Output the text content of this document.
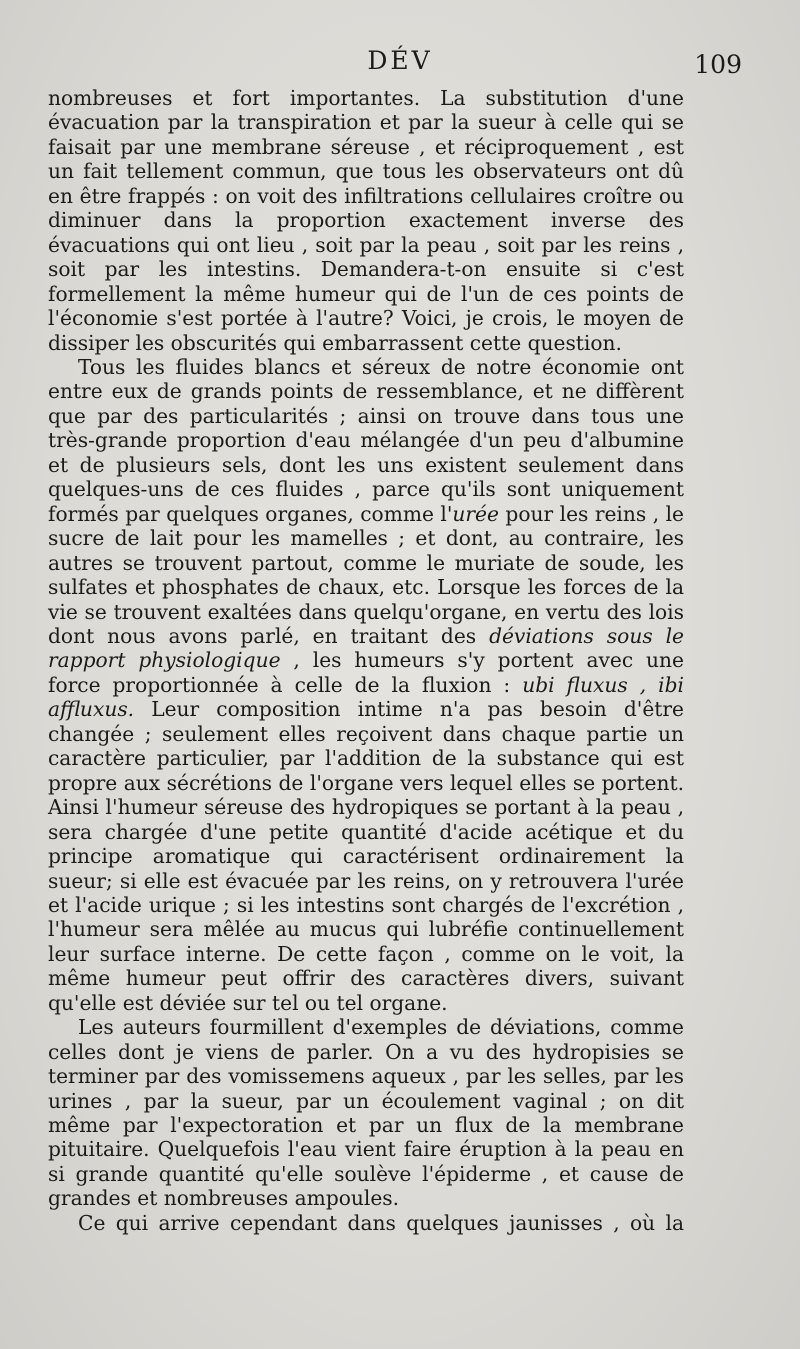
DÉV	109

nombreuses et fort importantes. La substitution d'une évacuation par la transpiration et par la sueur à celle qui se faisait par une membrane séreuse , et réciproquement , est un fait tellement commun, que tous les observateurs ont dû en être frappés : on voit des infiltrations cellulaires croître ou diminuer dans la proportion exactement inverse des évacuations qui ont lieu , soit par la peau , soit par les reins , soit par les intestins. Demandera-t-on ensuite si c'est formellement la même humeur qui de l'un de ces points de l'économie s'est portée à l'autre? Voici, je crois, le moyen de dissiper les obscurités qui embarrassent cette question.

Tous les fluides blancs et séreux de notre économie ont entre eux de grands points de ressemblance, et ne diffèrent que par des particularités ; ainsi on trouve dans tous une très-grande proportion d'eau mélangée d'un peu d'albumine et de plusieurs sels, dont les uns existent seulement dans quelques-uns de ces fluides , parce qu'ils sont uniquement formés par quelques organes, comme l'urée pour les reins , le sucre de lait pour les mamelles ; et dont, au contraire, les autres se trouvent partout, comme le muriate de soude, les sulfates et phosphates de chaux, etc. Lorsque les forces de la vie se trouvent exaltées dans quelqu'organe, en vertu des lois dont nous avons parlé, en traitant des déviations sous le rapport physiologique , les humeurs s'y portent avec une force proportionnée à celle de la fluxion : ubi fluxus , ibi affluxus. Leur composition intime n'a pas besoin d'être changée ; seulement elles reçoivent dans chaque partie un caractère particulier, par l'addition de la substance qui est propre aux sécrétions de l'organe vers lequel elles se portent. Ainsi l'humeur séreuse des hydropiques se portant à la peau , sera chargée d'une petite quantité d'acide acétique et du principe aromatique qui caractérisent ordinairement la sueur; si elle est évacuée par les reins, on y retrouvera l'urée et l'acide urique ; si les intestins sont chargés de l'excrétion , l'humeur sera mêlée au mucus qui lubréfie continuellement leur surface interne. De cette façon , comme on le voit, la même humeur peut offrir des caractères divers, suivant qu'elle est déviée sur tel ou tel organe.

Les auteurs fourmillent d'exemples de déviations, comme celles dont je viens de parler. On a vu des hydropisies se terminer par des vomissemens aqueux , par les selles, par les urines , par la sueur, par un écoulement vaginal ; on dit même par l'expectoration et par un flux de la membrane pituitaire. Quelquefois l'eau vient faire éruption à la peau en si grande quantité qu'elle soulève l'épiderme , et cause de grandes et nombreuses ampoules.

Ce qui arrive cependant dans quelques jaunisses , où la
